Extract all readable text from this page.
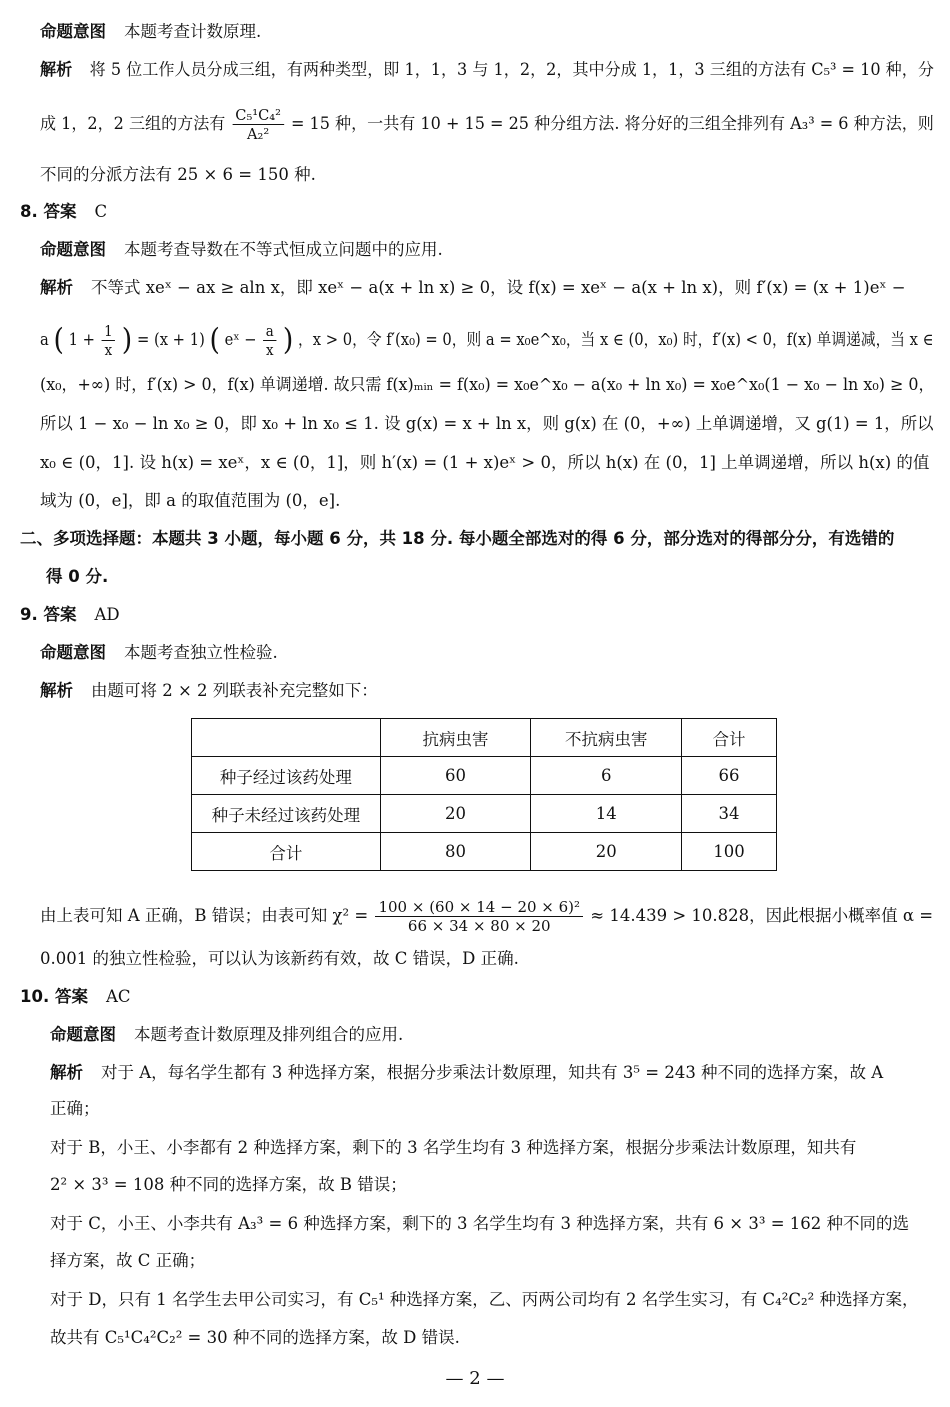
命题意图 本题考查计数原理.
解析 将 5 位工作人员分成三组，有两种类型，即 1，1，3 与 1，2，2，其中分成 1，1，3 三组的方法有 C₅³ = 10 种，分
不同的分派方法有 25 × 6 = 150 种.
8. 答案 C
命题意图 本题考查导数在不等式恒成立问题中的应用.
解析 不等式 xeˣ − ax ≥ aln x，即 xeˣ − a(x + ln x) ≥ 0，设 f(x) = xeˣ − a(x + ln x)，则 f′(x) = (x + 1)eˣ −
(x₀，+∞) 时，f′(x) > 0，f(x) 单调递增. 故只需 f(x)ₘᵢₙ = f(x₀) = x₀e^x₀ − a(x₀ + ln x₀) = x₀e^x₀(1 − x₀ − ln x₀) ≥ 0，
所以 1 − x₀ − ln x₀ ≥ 0，即 x₀ + ln x₀ ≤ 1. 设 g(x) = x + ln x，则 g(x) 在 (0，+∞) 上单调递增，又 g(1) = 1，所以
x₀ ∈ (0，1]. 设 h(x) = xeˣ，x ∈ (0，1]，则 h′(x) = (1 + x)eˣ > 0，所以 h(x) 在 (0，1] 上单调递增，所以 h(x) 的值
域为 (0，e]，即 a 的取值范围为 (0，e].
二、多项选择题：本题共 3 小题，每小题 6 分，共 18 分. 每小题全部选对的得 6 分，部分选对的得部分分，有选错的
得 0 分.
9. 答案 AD
命题意图 本题考查独立性检验.
解析 由题可将 2 × 2 列联表补充完整如下：
0.001 的独立性检验，可以认为该新药有效，故 C 错误，D 正确.
10. 答案 AC
命题意图 本题考查计数原理及排列组合的应用.
解析 对于 A，每名学生都有 3 种选择方案，根据分步乘法计数原理，知共有 3⁵ = 243 种不同的选择方案，故 A
正确；
对于 B，小王、小李都有 2 种选择方案，剩下的 3 名学生均有 3 种选择方案，根据分步乘法计数原理，知共有
2² × 3³ = 108 种不同的选择方案，故 B 错误；
对于 C，小王、小李共有 A₃³ = 6 种选择方案，剩下的 3 名学生均有 3 种选择方案，共有 6 × 3³ = 162 种不同的选
择方案，故 C 正确；
对于 D，只有 1 名学生去甲公司实习，有 C₅¹ 种选择方案，乙、丙两公司均有 2 名学生实习，有 C₄²C₂² 种选择方案，
故共有 C₅¹C₄²C₂² = 30 种不同的选择方案，故 D 错误.
成 1，2，2 三组的方法有 $\frac{\text{C₅¹C₄²}}{\text{A₂²}} = 15$ 种，一共有 10 + 15 = 25 种分组方法. 将分好的三组全排列有 A₃³ = 6 种方法，则
a ( $1 + \frac{1}{x}$ ) = (x + 1) ( eˣ − $\frac{a}{x}$ ) ，x > 0，令 f′(x₀) = 0，则 a = x₀e^x₀，当 x ∈ (0，x₀) 时，f′(x) < 0，f(x) 单调递减，当 x ∈
	抗病虫害	不抗病虫害	合计
种子经过该药处理	60	6	66
种子未经过该药处理	20	14	34
合计	80	20	100
由上表可知 A 正确，B 错误；由表可知 $\chi^2 = \frac{\text{100 × (60 × 14 − 20 × 6)²}}{66 \times 34 \times 80 \times 20} \approx 14.439 > 10.828$，因此根据小概率值 α =
— 2 —
